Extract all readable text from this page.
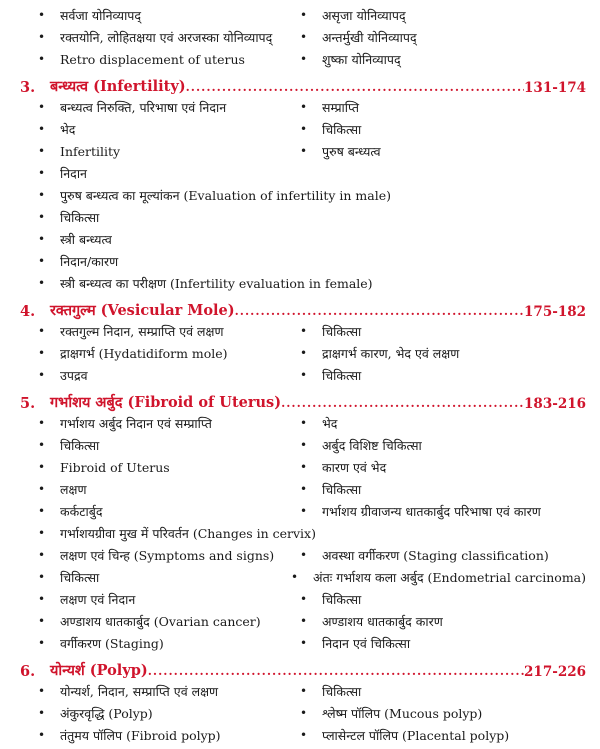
•
सर्वजा योनिव्यापद् •	असृजा योनिव्यापद्
•
रक्तयोनि, लोहितक्षया एवं अरजस्का योनिव्यापद् •	अन्तर्मुखी योनिव्यापद्
•
Retro displacement of uterus •	शुष्का योनिव्यापद्
3.	बन्ध्यत्व (Infertility) .....	131-174
•
बन्ध्यत्व निरुक्ति, परिभाषा एवं निदान •	सम्प्राप्ति
•
भेद •	चिकित्सा
•
Infertility •	पुरुष बन्ध्यत्व
•
निदान
•
पुरुष बन्ध्यत्व का मूल्यांकन (Evaluation of infertility in male)
•
चिकित्सा
•
स्त्री बन्ध्यत्व
•
निदान/कारण
•
स्त्री बन्ध्यत्व का परीक्षण (Infertility evaluation in female)
4.	रक्तगुल्म (Vesicular Mole) .....	175-182
•
रक्तगुल्म निदान, सम्प्राप्ति एवं लक्षण •	चिकित्सा
•
द्राक्षगर्भ (Hydatidiform mole) •	द्राक्षगर्भ कारण, भेद एवं लक्षण
•
उपद्रव •	चिकित्सा
5.	गर्भाशय अर्बुद (Fibroid of Uterus) .....	183-216
•
गर्भाशय अर्बुद निदान एवं सम्प्राप्ति •	भेद
•
चिकित्सा •	अर्बुद विशिष्ट चिकित्सा
•
Fibroid of Uterus •	कारण एवं भेद
•
लक्षण •	चिकित्सा
•
कर्कटार्बुद •	गर्भाशय ग्रीवाजन्य धातकार्बुद परिभाषा एवं कारण
•
गर्भाशयग्रीवा मुख में परिवर्तन (Changes in cervix)
•
लक्षण एवं चिन्ह (Symptoms and signs) •	अवस्था वर्गीकरण (Staging classification)
•
चिकित्सा •	अंतः गर्भाशय कला अर्बुद (Endometrial carcinoma)
•
लक्षण एवं निदान •	चिकित्सा
•
अण्डाशय धातकार्बुद (Ovarian cancer) •	अण्डाशय धातकार्बुद कारण
•
वर्गीकरण (Staging) •	निदान एवं चिकित्सा
6.	योन्यर्श (Polyp) .....	217-226
•
योन्यर्श, निदान, सम्प्राप्ति एवं लक्षण •	चिकित्सा
•
अंकुरवृद्धि (Polyp) •	श्लेष्म पॉलिप (Mucous polyp)
•
तंतुमय पॉलिप (Fibroid polyp) •	प्लासेन्टल पॉलिप (Placental polyp)
